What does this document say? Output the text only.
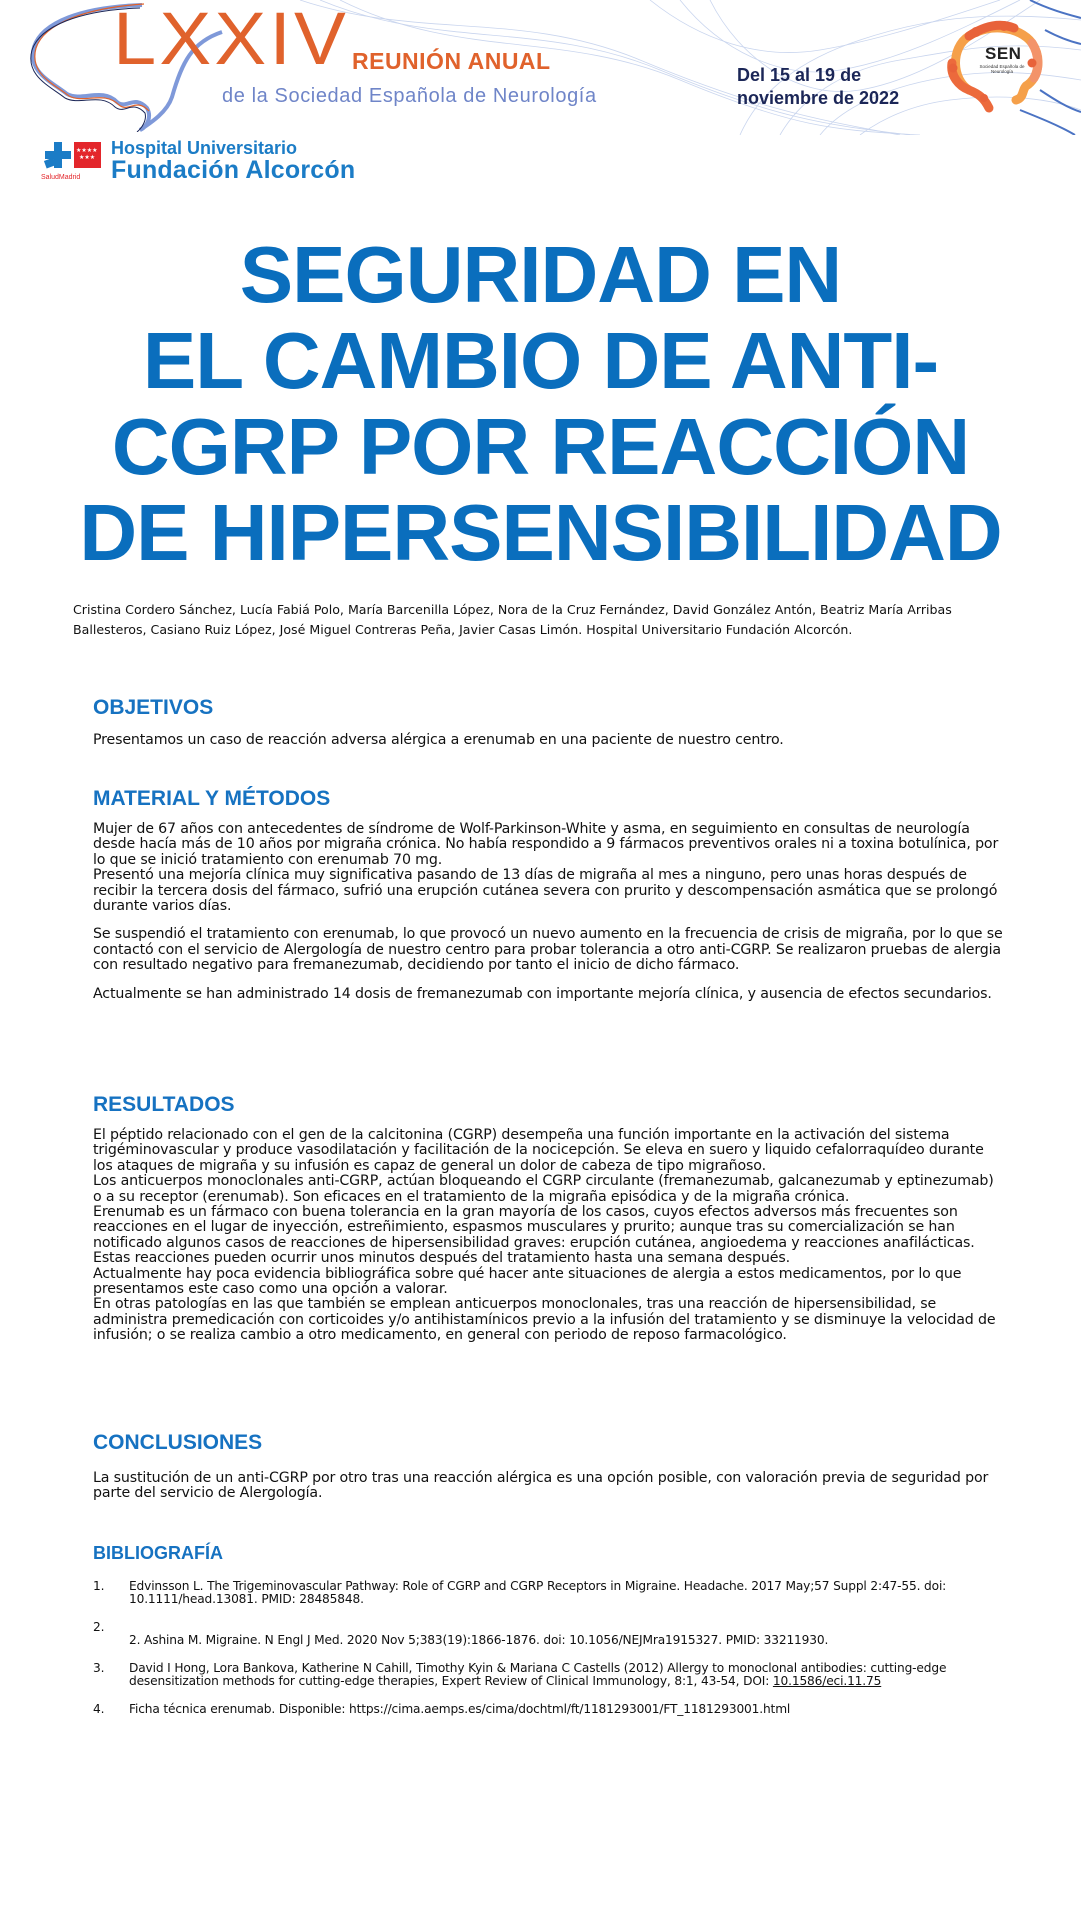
LXXIV REUNIÓN ANUAL
de la Sociedad Española de Neurología
Del 15 al 19 de
noviembre de 2022
SEN
Sociedad Española de Neurología
★★★★
★★★
SaludMadrid
Hospital Universitario
Fundación Alcorcón
SEGURIDAD EN
EL CAMBIO DE ANTI-
CGRP POR REACCIÓN
DE HIPERSENSIBILIDAD
Cristina Cordero Sánchez, Lucía Fabiá Polo, María Barcenilla López, Nora de la Cruz Fernández, David González Antón, Beatriz María Arribas
Ballesteros, Casiano Ruiz López, José Miguel Contreras Peña, Javier Casas Limón. Hospital Universitario Fundación Alcorcón.
OBJETIVOS

Presentamos un caso de reacción adversa alérgica a erenumab en una paciente de nuestro centro.

MATERIAL Y MÉTODOS

Mujer de 67 años con antecedentes de síndrome de Wolf-Parkinson-White y asma, en seguimiento en consultas de neurología desde hacía más de 10 años por migraña crónica. No había respondido a 9 fármacos preventivos orales ni a toxina botulínica, por lo que se inició tratamiento con erenumab 70 mg.

Presentó una mejoría clínica muy significativa pasando de 13 días de migraña al mes a ninguno, pero unas horas después de recibir la tercera dosis del fármaco, sufrió una erupción cutánea severa con prurito y descompensación asmática que se prolongó durante varios días.

Se suspendió el tratamiento con erenumab, lo que provocó un nuevo aumento en la frecuencia de crisis de migraña, por lo que se contactó con el servicio de Alergología de nuestro centro para probar tolerancia a otro anti-CGRP. Se realizaron pruebas de alergia con resultado negativo para fremanezumab, decidiendo por tanto el inicio de dicho fármaco.

Actualmente se han administrado 14 dosis de fremanezumab con importante mejoría clínica, y ausencia de efectos secundarios.

RESULTADOS

El péptido relacionado con el gen de la calcitonina (CGRP) desempeña una función importante en la activación del sistema trigéminovascular y produce vasodilatación y facilitación de la nocicepción. Se eleva en suero y liquido cefalorraquídeo durante los ataques de migraña y su infusión es capaz de general un dolor de cabeza de tipo migrañoso.

Los anticuerpos monoclonales anti-CGRP, actúan bloqueando el CGRP circulante (fremanezumab, galcanezumab y eptinezumab) o a su receptor (erenumab). Son eficaces en el tratamiento de la migraña episódica y de la migraña crónica.

Erenumab es un fármaco con buena tolerancia en la gran mayoría de los casos, cuyos efectos adversos más frecuentes son reacciones en el lugar de inyección, estreñimiento, espasmos musculares y prurito; aunque tras su comercialización se han notificado algunos casos de reacciones de hipersensibilidad graves: erupción cutánea, angioedema y reacciones anafilácticas. Estas reacciones pueden ocurrir unos minutos después del tratamiento hasta una semana después.

Actualmente hay poca evidencia bibliográfica sobre qué hacer ante situaciones de alergia a estos medicamentos, por lo que presentamos este caso como una opción a valorar.

En otras patologías en las que también se emplean anticuerpos monoclonales, tras una reacción de hipersensibilidad, se administra premedicación con corticoides y/o antihistamínicos previo a la infusión del tratamiento y se disminuye la velocidad de infusión; o se realiza cambio a otro medicamento, en general con periodo de reposo farmacológico.

CONCLUSIONES

La sustitución de un anti-CGRP por otro tras una reacción alérgica es una opción posible, con valoración previa de seguridad por parte del servicio de Alergología.

BIBLIOGRAFÍA
1. Edvinsson L. The Trigeminovascular Pathway: Role of CGRP and CGRP Receptors in Migraine. Headache. 2017 May;57 Suppl 2:47-55. doi: 10.1111/head.13081. PMID: 28485848.
2.
2. Ashina M. Migraine. N Engl J Med. 2020 Nov 5;383(19):1866-1876. doi: 10.1056/NEJMra1915327. PMID: 33211930.
3. David I Hong, Lora Bankova, Katherine N Cahill, Timothy Kyin & Mariana C Castells (2012) Allergy to monoclonal antibodies: cutting-edge desensitization methods for cutting-edge therapies, Expert Review of Clinical Immunology, 8:1, 43-54, DOI: 10.1586/eci.11.75
4. Ficha técnica erenumab. Disponible: https://cima.aemps.es/cima/dochtml/ft/1181293001/FT_1181293001.html
